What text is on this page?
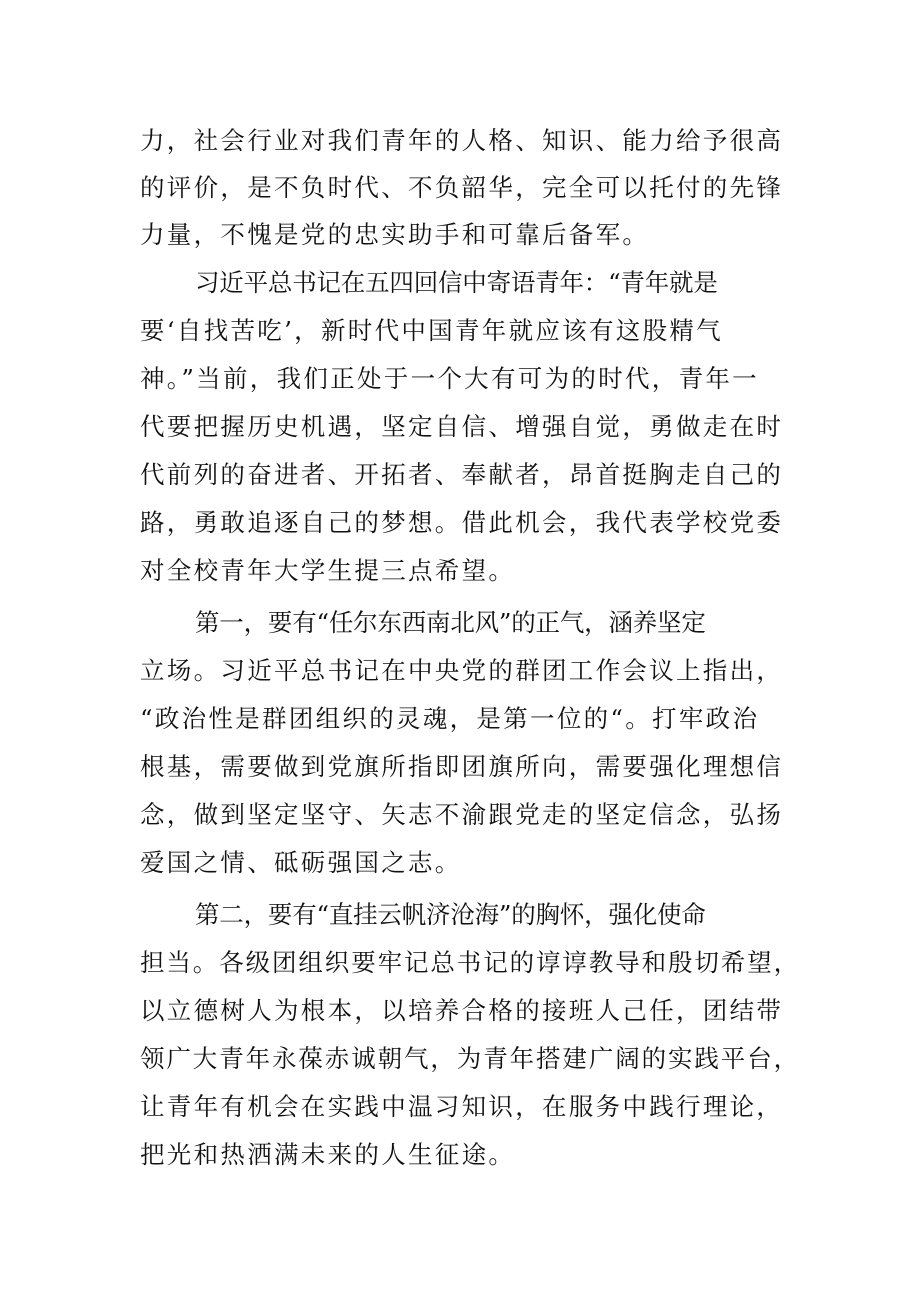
力，社会行业对我们青年的人格、知识、能力给予很高
的评价，是不负时代、不负韶华，完全可以托付的先锋
力量，不愧是党的忠实助手和可靠后备军。
习近平总书记在五四回信中寄语青年：“青年就是
要‘自找苦吃’，新时代中国青年就应该有这股精气
神。”当前，我们正处于一个大有可为的时代，青年一
代要把握历史机遇，坚定自信、增强自觉，勇做走在时
代前列的奋进者、开拓者、奉献者，昂首挺胸走自己的
路，勇敢追逐自己的梦想。借此机会，我代表学校党委
对全校青年大学生提三点希望。
第一，要有“任尔东西南北风”的正气，涵养坚定
立场。习近平总书记在中央党的群团工作会议上指出，
“政治性是群团组织的灵魂，是第一位的“。打牢政治
根基，需要做到党旗所指即团旗所向，需要强化理想信
念，做到坚定坚守、矢志不渝跟党走的坚定信念，弘扬
爱国之情、砥砺强国之志。
第二，要有“直挂云帆济沧海”的胸怀，强化使命
担当。各级团组织要牢记总书记的谆谆教导和殷切希望，
以立德树人为根本，以培养合格的接班人己任，团结带
领广大青年永葆赤诚朝气，为青年搭建广阔的实践平台，
让青年有机会在实践中温习知识，在服务中践行理论，
把光和热洒满未来的人生征途。
